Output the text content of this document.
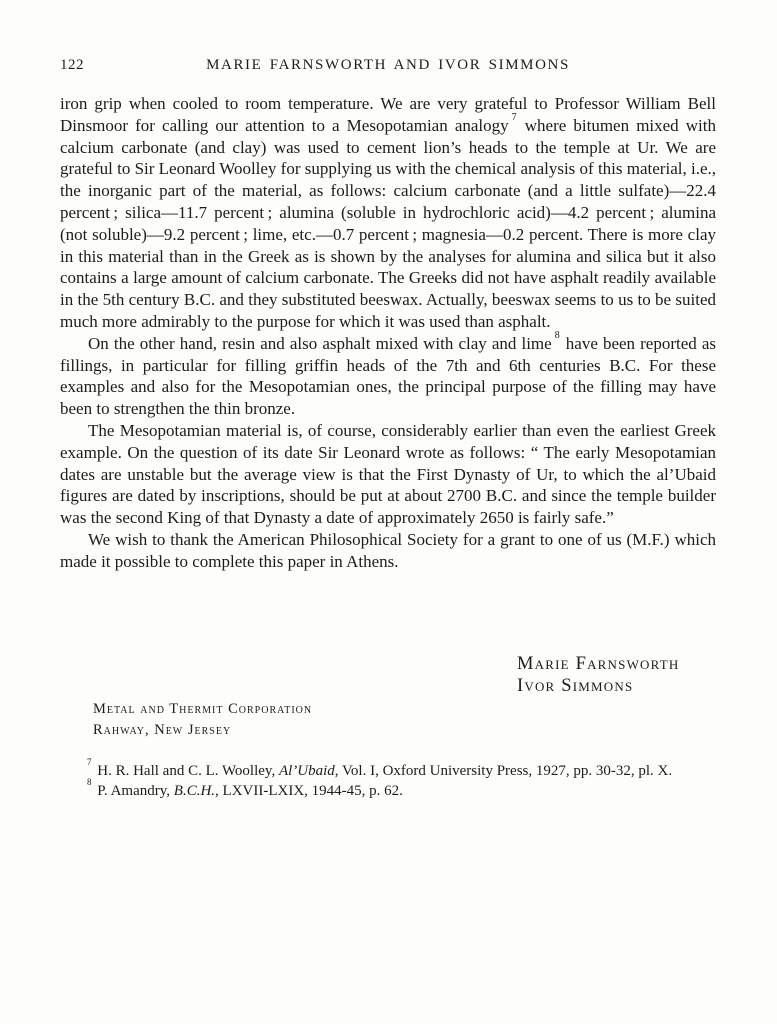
122	MARIE FARNSWORTH AND IVOR SIMMONS

iron grip when cooled to room temperature. We are very grateful to Professor William Bell Dinsmoor for calling our attention to a Mesopotamian analogy $^7$ where bitumen mixed with calcium carbonate (and clay) was used to cement lion’s heads to the temple at Ur. We are grateful to Sir Leonard Woolley for supplying us with the chemical analysis of this material, i.e., the inorganic part of the material, as follows: calcium carbonate (and a little sulfate)—22.4 percent ; silica—11.7 percent ; alumina (soluble in hydrochloric acid)—4.2 percent ; alumina (not soluble)—9.2 percent ; lime, etc.—0.7 percent ; magnesia—0.2 percent. There is more clay in this material than in the Greek as is shown by the analyses for alumina and silica but it also contains a large amount of calcium carbonate. The Greeks did not have asphalt readily available in the 5th century B.C. and they substituted beeswax. Actually, beeswax seems to us to be suited much more admirably to the purpose for which it was used than asphalt.

On the other hand, resin and also asphalt mixed with clay and lime $^8$ have been reported as fillings, in particular for filling griffin heads of the 7th and 6th centuries B.C. For these examples and also for the Mesopotamian ones, the principal purpose of the filling may have been to strengthen the thin bronze.

The Mesopotamian material is, of course, considerably earlier than even the earliest Greek example. On the question of its date Sir Leonard wrote as follows: “ The early Mesopotamian dates are unstable but the average view is that the First Dynasty of Ur, to which the al’Ubaid figures are dated by inscriptions, should be put at about 2700 B.C. and since the temple builder was the second King of that Dynasty a date of approximately 2650 is fairly safe.”

We wish to thank the American Philosophical Society for a grant to one of us (M.F.) which made it possible to complete this paper in Athens.

Marie Farnsworth
Ivor Simmons
Metal and Thermit Corporation
Rahway, New Jersey

$^7$ H. R. Hall and C. L. Woolley, Al’Ubaid, Vol. I, Oxford University Press, 1927, pp. 30-32, pl. X.

$^8$ P. Amandry, B.C.H., LXVII-LXIX, 1944-45, p. 62.
